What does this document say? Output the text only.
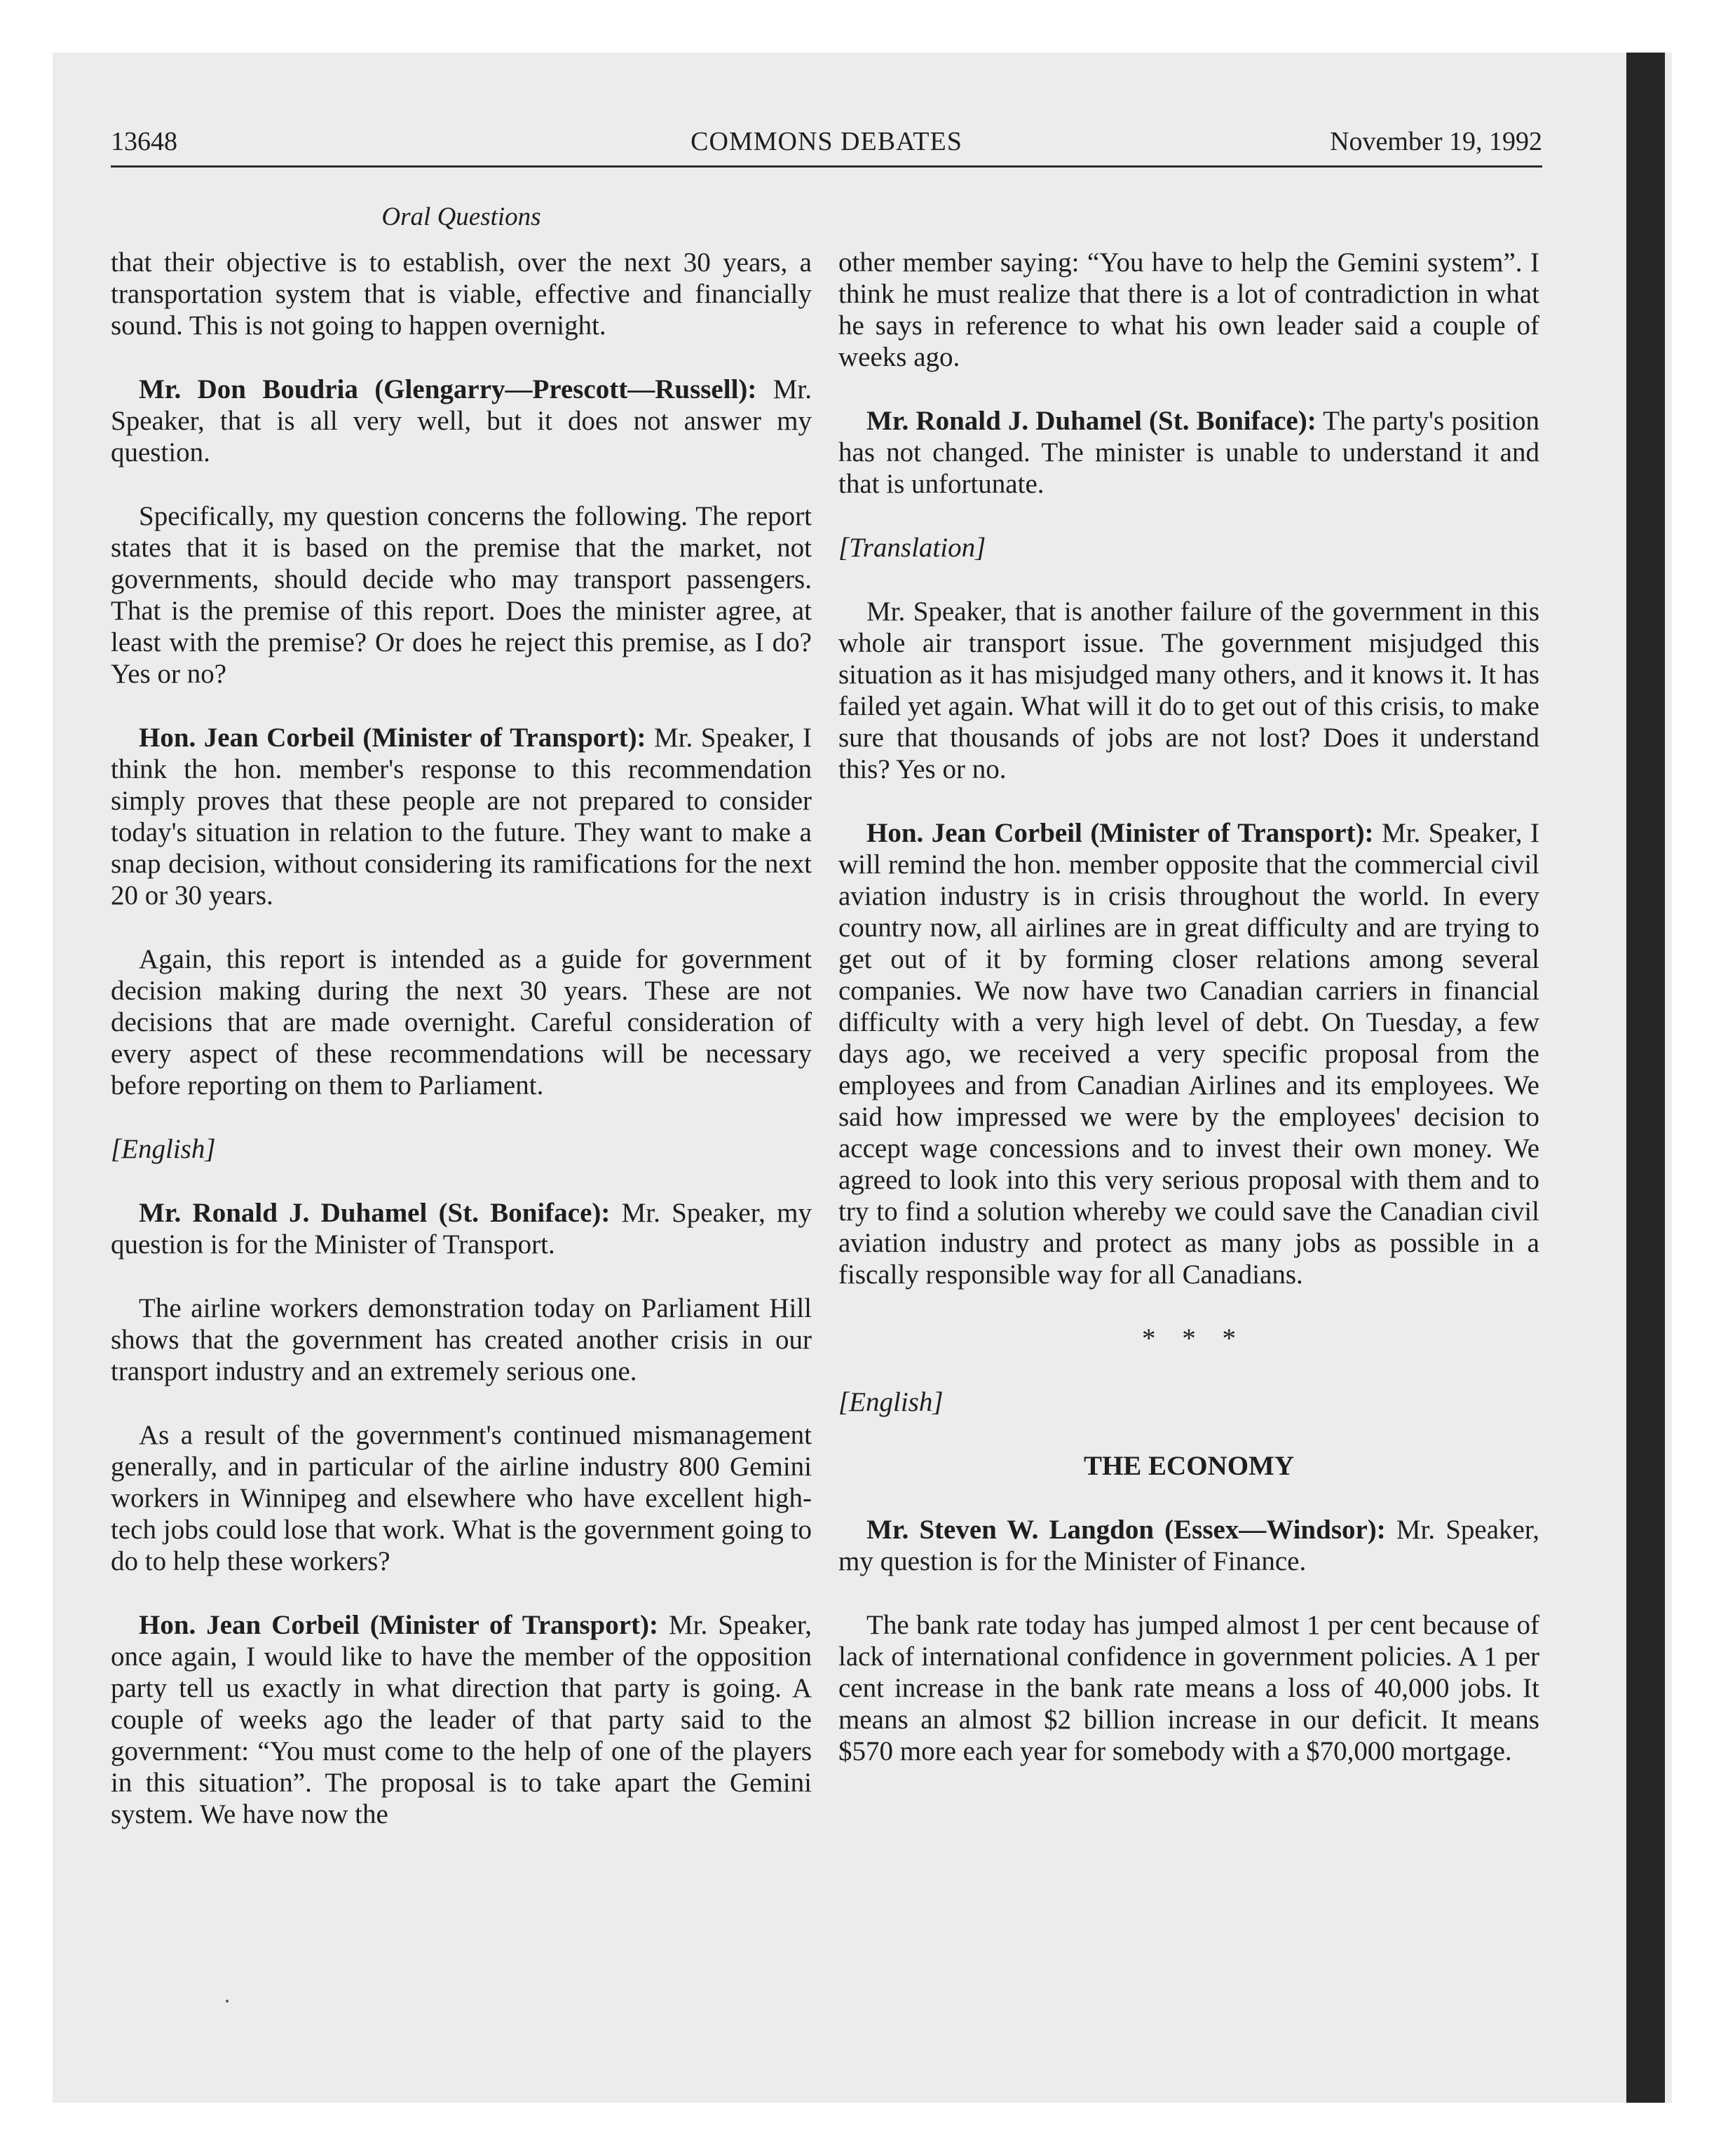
13648	COMMONS DEBATES	November 19, 1992
Oral Questions

that their objective is to establish, over the next 30 years, a transportation system that is viable, effective and financially sound. This is not going to happen overnight.

Mr. Don Boudria (Glengarry—Prescott—Russell): Mr. Speaker, that is all very well, but it does not answer my question.

Specifically, my question concerns the following. The report states that it is based on the premise that the market, not governments, should decide who may transport passengers. That is the premise of this report. Does the minister agree, at least with the premise? Or does he reject this premise, as I do? Yes or no?

Hon. Jean Corbeil (Minister of Transport): Mr. Speaker, I think the hon. member's response to this recommendation simply proves that these people are not prepared to consider today's situation in relation to the future. They want to make a snap decision, without considering its ramifications for the next 20 or 30 years.

Again, this report is intended as a guide for government decision making during the next 30 years. These are not decisions that are made overnight. Careful consideration of every aspect of these recommendations will be necessary before reporting on them to Parliament.

[English]

Mr. Ronald J. Duhamel (St. Boniface): Mr. Speaker, my question is for the Minister of Transport.

The airline workers demonstration today on Parliament Hill shows that the government has created another crisis in our transport industry and an extremely serious one.

As a result of the government's continued mismanagement generally, and in particular of the airline industry 800 Gemini workers in Winnipeg and elsewhere who have excellent high-tech jobs could lose that work. What is the government going to do to help these workers?

Hon. Jean Corbeil (Minister of Transport): Mr. Speaker, once again, I would like to have the member of the opposition party tell us exactly in what direction that party is going. A couple of weeks ago the leader of that party said to the government: “You must come to the help of one of the players in this situation”. The proposal is to take apart the Gemini system. We have now the

other member saying: “You have to help the Gemini system”. I think he must realize that there is a lot of contradiction in what he says in reference to what his own leader said a couple of weeks ago.

Mr. Ronald J. Duhamel (St. Boniface): The party's position has not changed. The minister is unable to understand it and that is unfortunate.

[Translation]

Mr. Speaker, that is another failure of the government in this whole air transport issue. The government misjudged this situation as it has misjudged many others, and it knows it. It has failed yet again. What will it do to get out of this crisis, to make sure that thousands of jobs are not lost? Does it understand this? Yes or no.

Hon. Jean Corbeil (Minister of Transport): Mr. Speaker, I will remind the hon. member opposite that the commercial civil aviation industry is in crisis throughout the world. In every country now, all airlines are in great difficulty and are trying to get out of it by forming closer relations among several companies. We now have two Canadian carriers in financial difficulty with a very high level of debt. On Tuesday, a few days ago, we received a very specific proposal from the employees and from Canadian Airlines and its employees. We said how impressed we were by the employees' decision to accept wage concessions and to invest their own money. We agreed to look into this very serious proposal with them and to try to find a solution whereby we could save the Canadian civil aviation industry and protect as many jobs as possible in a fiscally responsible way for all Canadians.

* * *
[English]
THE ECONOMY

Mr. Steven W. Langdon (Essex—Windsor): Mr. Speaker, my question is for the Minister of Finance.

The bank rate today has jumped almost 1 per cent because of lack of international confidence in government policies. A 1 per cent increase in the bank rate means a loss of 40,000 jobs. It means an almost $2 billion increase in our deficit. It means $570 more each year for somebody with a $70,000 mortgage.
